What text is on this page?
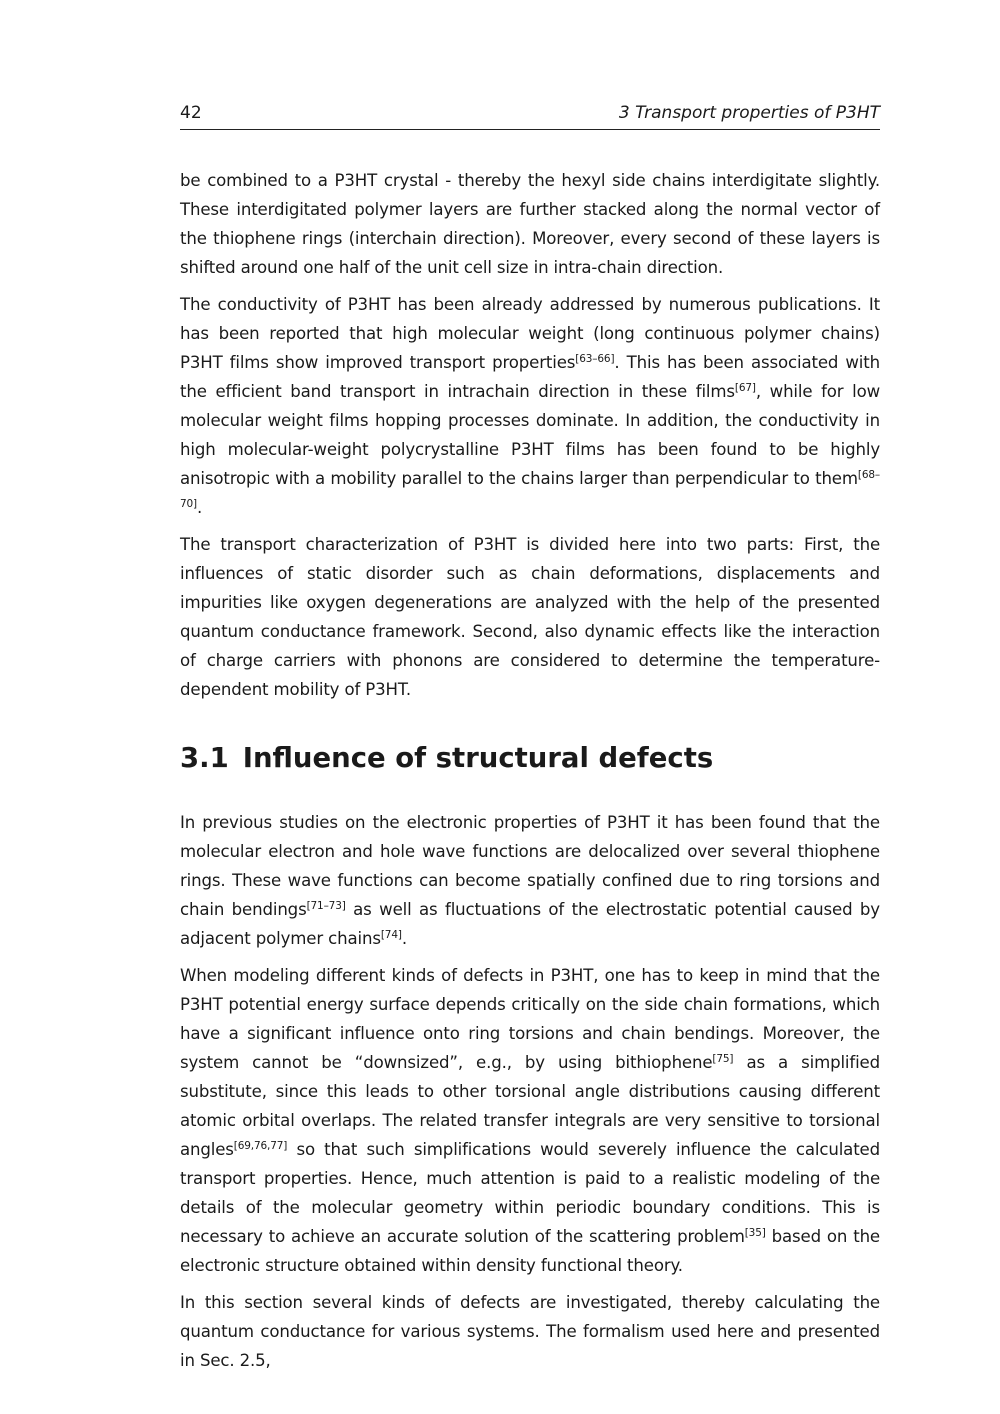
42	3 Transport properties of P3HT

be combined to a P3HT crystal - thereby the hexyl side chains interdigitate slightly. These interdigitated polymer layers are further stacked along the normal vector of the thiophene rings (interchain direction). Moreover, every second of these layers is shifted around one half of the unit cell size in intra-chain direction.

The conductivity of P3HT has been already addressed by numerous publications. It has been reported that high molecular weight (long continuous polymer chains) P3HT films show improved transport properties[63–66]. This has been associated with the efficient band transport in intrachain direction in these films[67], while for low molecular weight films hopping processes dominate. In addition, the conductivity in high molecular-weight polycrystalline P3HT films has been found to be highly anisotropic with a mobility parallel to the chains larger than perpendicular to them[68–70].

The transport characterization of P3HT is divided here into two parts: First, the influences of static disorder such as chain deformations, displacements and impurities like oxygen degenerations are analyzed with the help of the presented quantum conductance framework. Second, also dynamic effects like the interaction of charge carriers with phonons are considered to determine the temperature-dependent mobility of P3HT.

3.1 Influence of structural defects

In previous studies on the electronic properties of P3HT it has been found that the molecular electron and hole wave functions are delocalized over several thiophene rings. These wave functions can become spatially confined due to ring torsions and chain bendings[71–73] as well as fluctuations of the electrostatic potential caused by adjacent polymer chains[74].

When modeling different kinds of defects in P3HT, one has to keep in mind that the P3HT potential energy surface depends critically on the side chain formations, which have a significant influence onto ring torsions and chain bendings. Moreover, the system cannot be “downsized”, e.g., by using bithiophene[75] as a simplified substitute, since this leads to other torsional angle distributions causing different atomic orbital overlaps. The related transfer integrals are very sensitive to torsional angles[69,76,77] so that such simplifications would severely influence the calculated transport properties. Hence, much attention is paid to a realistic modeling of the details of the molecular geometry within periodic boundary conditions. This is necessary to achieve an accurate solution of the scattering problem[35] based on the electronic structure obtained within density functional theory.

In this section several kinds of defects are investigated, thereby calculating the quantum conductance for various systems. The formalism used here and presented in Sec. 2.5,
